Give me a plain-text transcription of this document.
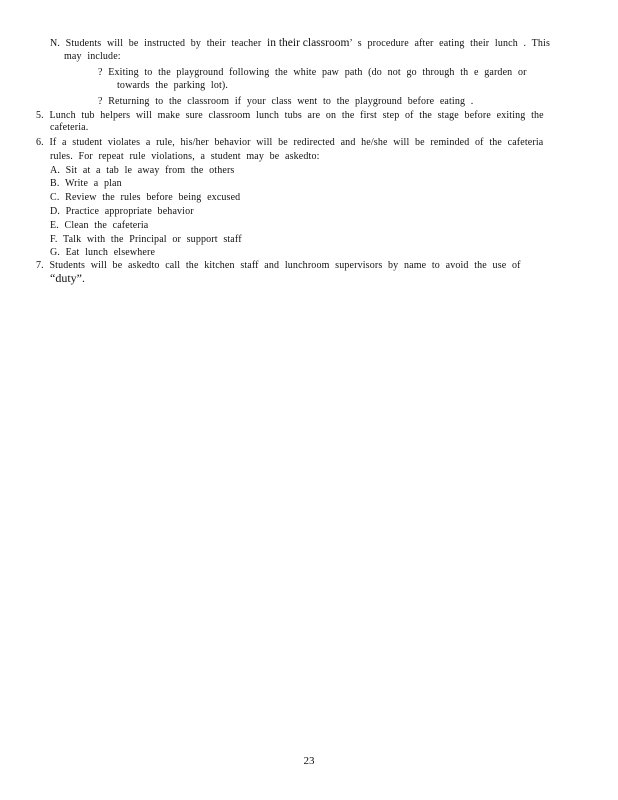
N. Students will be instructed by their teacher in their classroom’ s procedure after eating their lunch . This
may include:
? Exiting to the playground following the white paw path (do not go through th e garden or
towards the parking lot).
? Returning to the classroom if your class went to the playground before eating .
5. Lunch tub helpers will make sure classroom lunch tubs are on the first step of the stage before exiting the
cafeteria.
6. If a student violates a rule, his/her behavior will be redirected and he/she will be reminded of the cafeteria
rules. For repeat rule violations, a student may be askedto:
A. Sit at a tab le away from the others
B. Write a plan
C. Review the rules before being excused
D. Practice appropriate behavior
E. Clean the cafeteria
F. Talk with the Principal or support staff
G. Eat lunch elsewhere
7. Students will be askedto call the kitchen staff and lunchroom supervisors by name to avoid the use of
“duty”.
23
